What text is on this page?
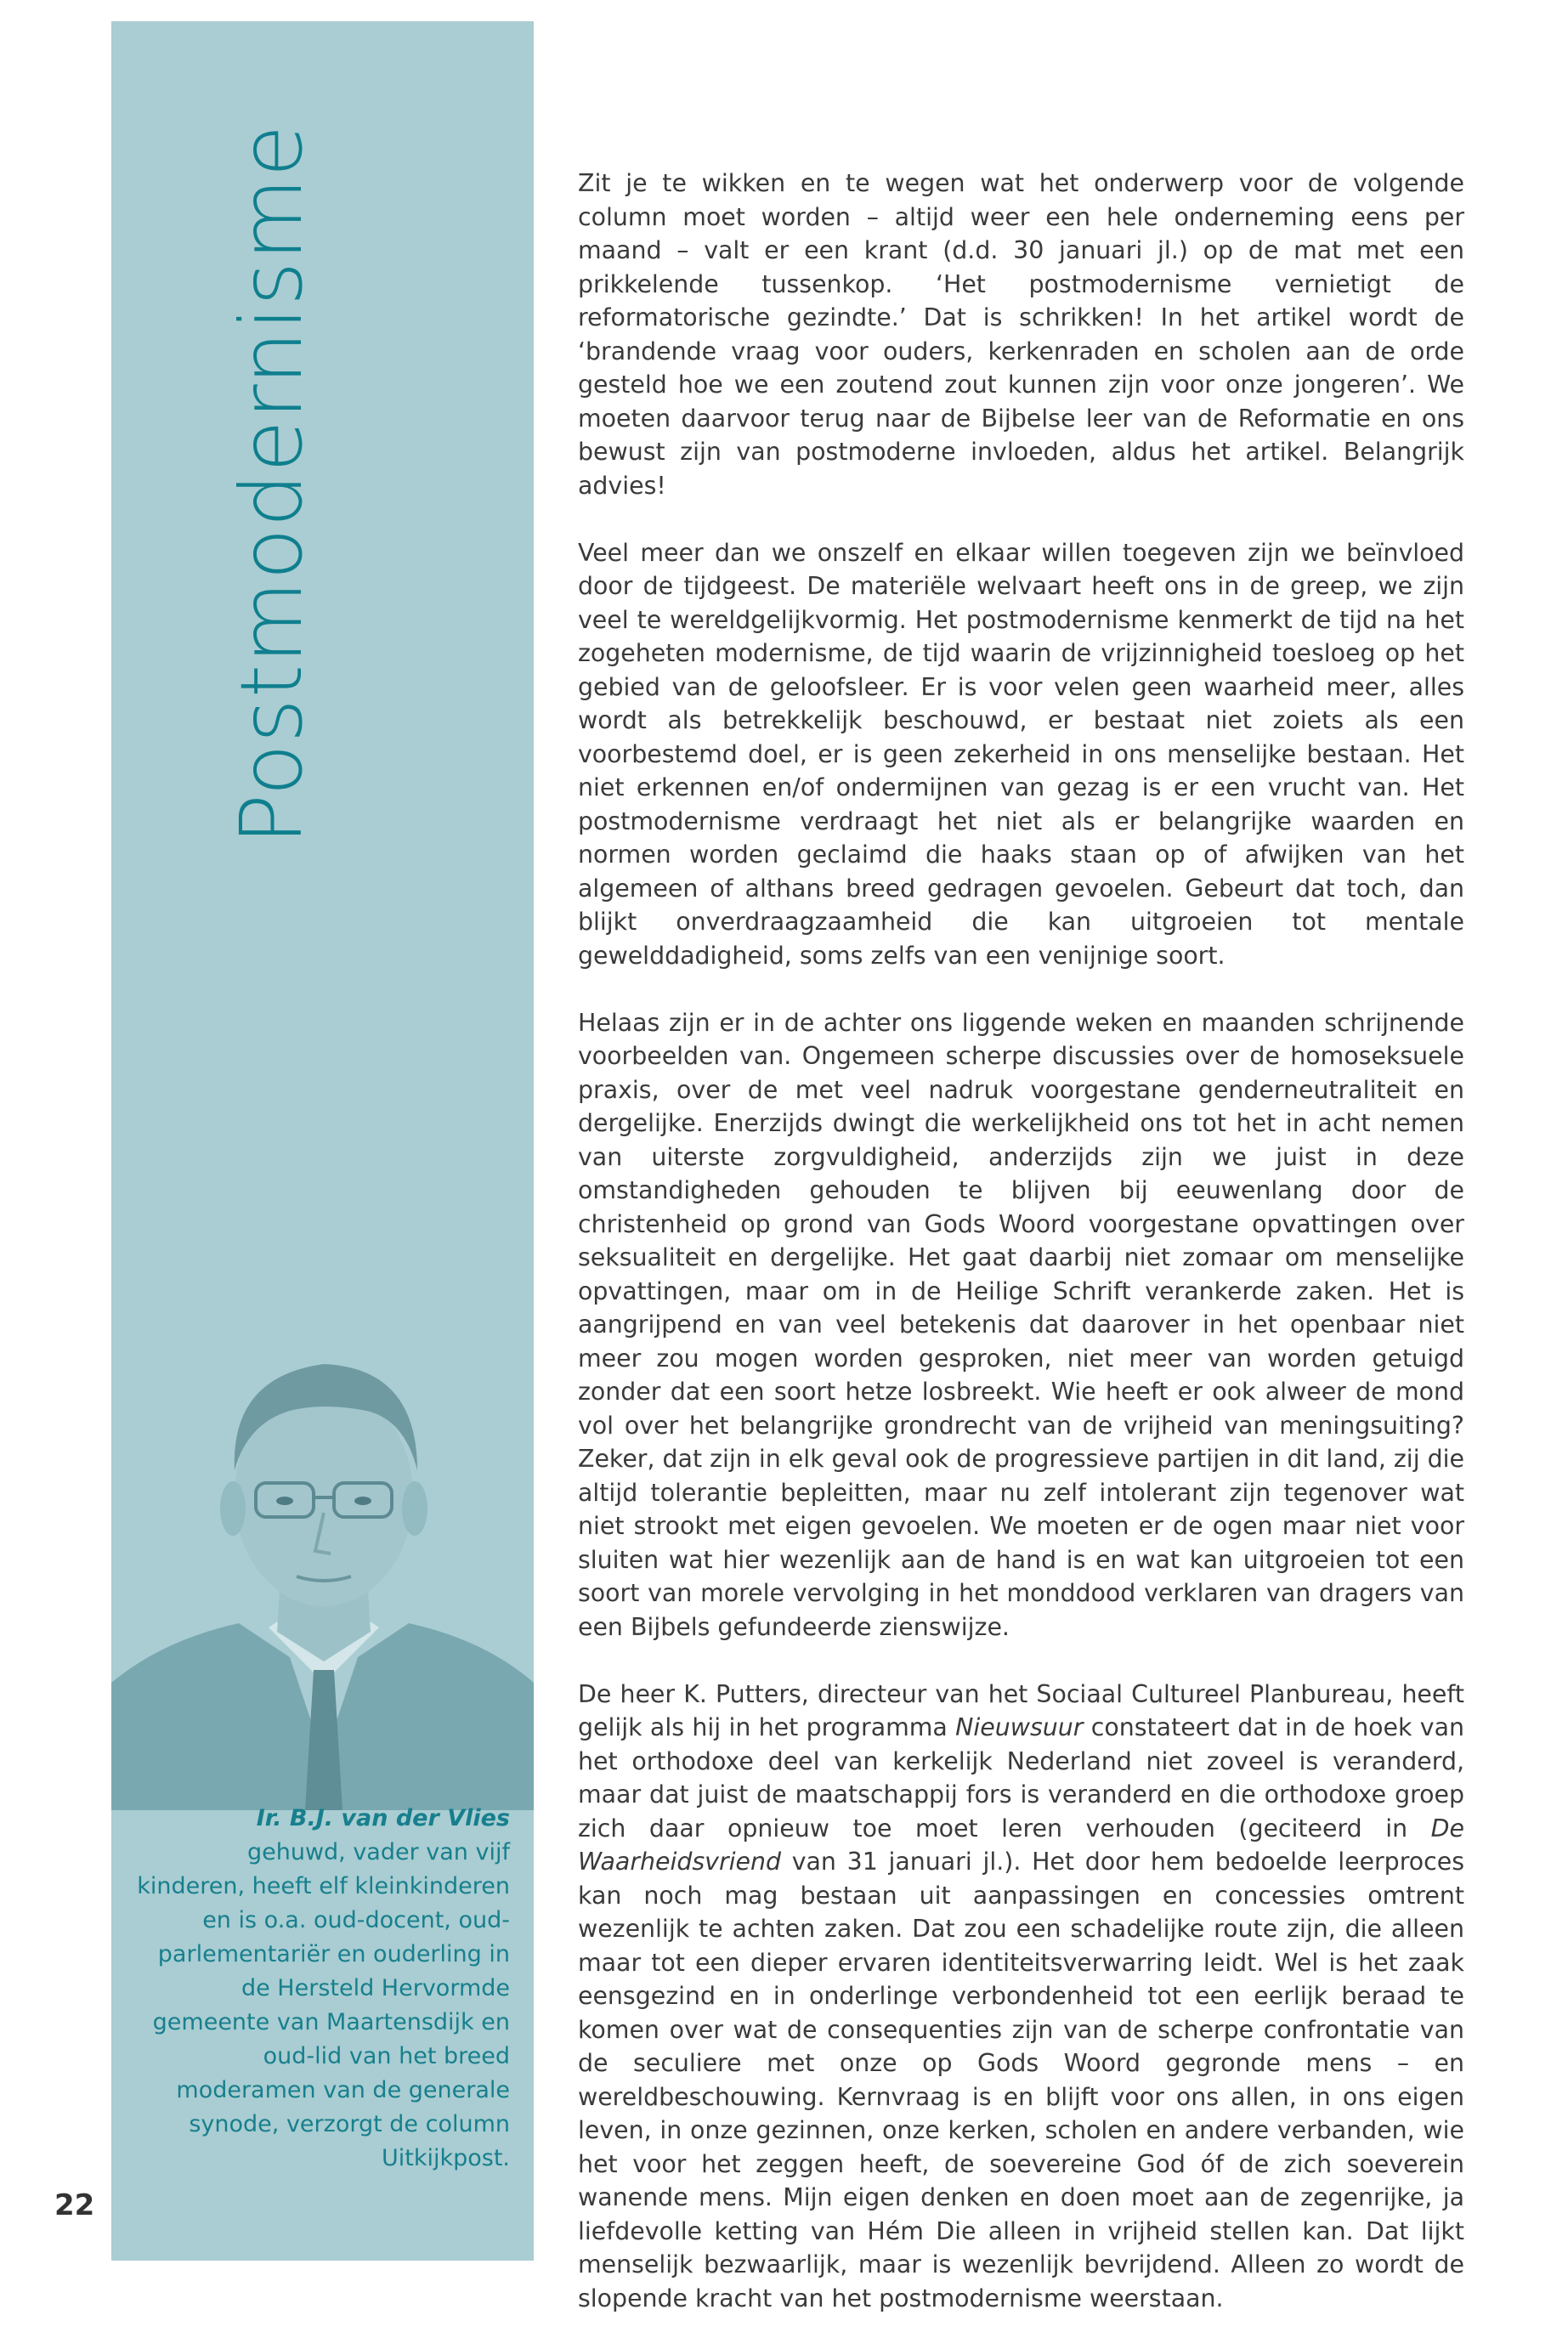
Postmodernisme
Ir. B.J. van der Vlies
gehuwd, vader van vijf kinderen, heeft elf kleinkinderen en is o.a. oud-docent, oud-parlementariër en ouderling in de Hersteld Hervormde gemeente van Maartensdijk en oud-lid van het breed moderamen van de generale synode, verzorgt de column Uitkijkpost.
22

Zit je te wikken en te wegen wat het onderwerp voor de volgende column moet worden – altijd weer een hele onderneming eens per maand – valt er een krant (d.d. 30 januari jl.) op de mat met een prikkelende tussenkop. ‘Het postmodernisme vernietigt de reformatorische gezindte.’ Dat is schrikken! In het artikel wordt de ‘brandende vraag voor ouders, kerkenraden en scholen aan de orde gesteld hoe we een zoutend zout kunnen zijn voor onze jongeren’. We moeten daarvoor terug naar de Bijbelse leer van de Reformatie en ons bewust zijn van postmoderne invloeden, aldus het artikel. Belangrijk advies!

Veel meer dan we onszelf en elkaar willen toegeven zijn we beïnvloed door de tijdgeest. De materiële welvaart heeft ons in de greep, we zijn veel te wereldgelijkvormig. Het postmodernisme kenmerkt de tijd na het zogeheten modernisme, de tijd waarin de vrijzinnigheid toesloeg op het gebied van de geloofsleer. Er is voor velen geen waarheid meer, alles wordt als betrekkelijk beschouwd, er bestaat niet zoiets als een voorbestemd doel, er is geen zekerheid in ons menselijke bestaan. Het niet erkennen en/of ondermijnen van gezag is er een vrucht van. Het postmodernisme verdraagt het niet als er belangrijke waarden en normen worden geclaimd die haaks staan op of afwijken van het algemeen of althans breed gedragen gevoelen. Gebeurt dat toch, dan blijkt onverdraagzaamheid die kan uitgroeien tot mentale gewelddadigheid, soms zelfs van een venijnige soort.

Helaas zijn er in de achter ons liggende weken en maanden schrijnende voorbeelden van. Ongemeen scherpe discussies over de homoseksuele praxis, over de met veel nadruk voorgestane genderneutraliteit en dergelijke. Enerzijds dwingt die werkelijkheid ons tot het in acht nemen van uiterste zorgvuldigheid, anderzijds zijn we juist in deze omstandigheden gehouden te blijven bij eeuwenlang door de christenheid op grond van Gods Woord voorgestane opvattingen over seksualiteit en dergelijke. Het gaat daarbij niet zomaar om menselijke opvattingen, maar om in de Heilige Schrift verankerde zaken. Het is aangrijpend en van veel betekenis dat daarover in het openbaar niet meer zou mogen worden gesproken, niet meer van worden getuigd zonder dat een soort hetze losbreekt. Wie heeft er ook alweer de mond vol over het belangrijke grondrecht van de vrijheid van meningsuiting? Zeker, dat zijn in elk geval ook de progressieve partijen in dit land, zij die altijd tolerantie bepleitten, maar nu zelf intolerant zijn tegenover wat niet strookt met eigen gevoelen. We moeten er de ogen maar niet voor sluiten wat hier wezenlijk aan de hand is en wat kan uitgroeien tot een soort van morele vervolging in het monddood verklaren van dragers van een Bijbels gefundeerde zienswijze.

De heer K. Putters, directeur van het Sociaal Cultureel Planbureau, heeft gelijk als hij in het programma Nieuwsuur constateert dat in de hoek van het orthodoxe deel van kerkelijk Nederland niet zoveel is veranderd, maar dat juist de maatschappij fors is veranderd en die orthodoxe groep zich daar opnieuw toe moet leren verhouden (geciteerd in De Waarheidsvriend van 31 januari jl.). Het door hem bedoelde leerproces kan noch mag bestaan uit aanpassingen en concessies omtrent wezenlijk te achten zaken. Dat zou een schadelijke route zijn, die alleen maar tot een dieper ervaren identiteitsverwarring leidt. Wel is het zaak eensgezind en in onderlinge verbondenheid tot een eerlijk beraad te komen over wat de consequenties zijn van de scherpe confrontatie van de seculiere met onze op Gods Woord gegronde mens – en wereldbeschouwing. Kernvraag is en blijft voor ons allen, in ons eigen leven, in onze gezinnen, onze kerken, scholen en andere verbanden, wie het voor het zeggen heeft, de soevereine God óf de zich soeverein wanende mens. Mijn eigen denken en doen moet aan de zegenrijke, ja liefdevolle ketting van Hém Die alleen in vrijheid stellen kan. Dat lijkt menselijk bezwaarlijk, maar is wezenlijk bevrijdend. Alleen zo wordt de slopende kracht van het postmodernisme weerstaan.
